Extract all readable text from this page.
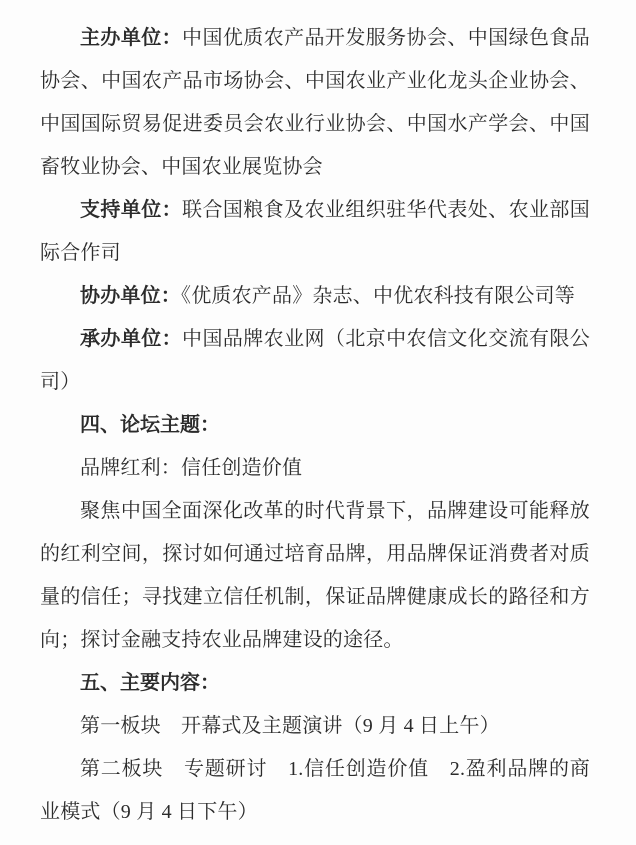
主办单位：中国优质农产品开发服务协会、中国绿色食品协会、中国农产品市场协会、中国农业产业化龙头企业协会、中国国际贸易促进委员会农业行业协会、中国水产学会、中国畜牧业协会、中国农业展览协会

支持单位：联合国粮食及农业组织驻华代表处、农业部国际合作司

协办单位：《优质农产品》杂志、中优农科技有限公司等

承办单位：中国品牌农业网（北京中农信文化交流有限公司）

四、论坛主题：

品牌红利：信任创造价值

聚焦中国全面深化改革的时代背景下，品牌建设可能释放的红利空间，探讨如何通过培育品牌，用品牌保证消费者对质量的信任；寻找建立信任机制，保证品牌健康成长的路径和方向；探讨金融支持农业品牌建设的途径。

五、主要内容：

第一板块　开幕式及主题演讲（9 月 4 日上午）

第二板块　专题研讨　1.信任创造价值　2.盈利品牌的商业模式（9 月 4 日下午）
